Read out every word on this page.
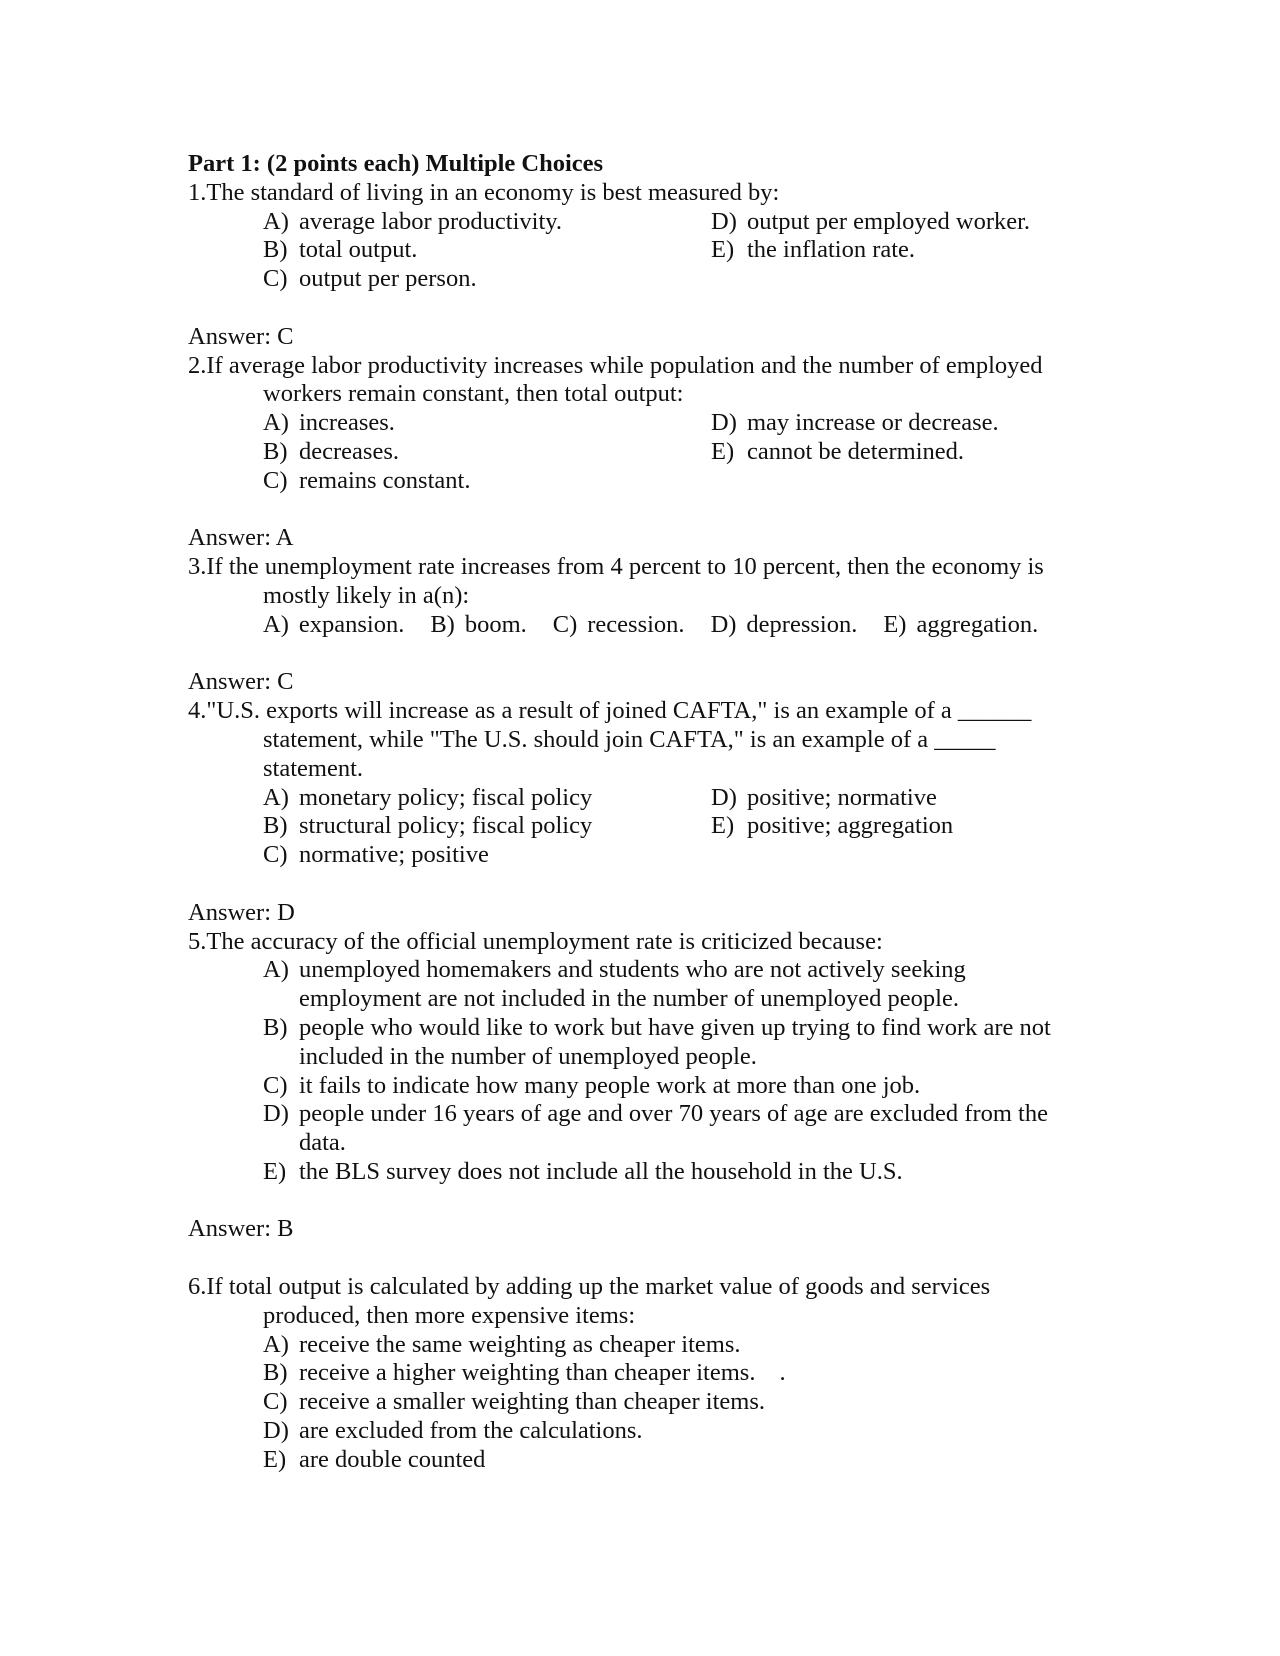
Part 1: (2 points each) Multiple Choices
1.The standard of living in an economy is best measured by:
A) average labor productivity.	D) output per employed worker.
B) total output.	E) the inflation rate.
C) output per person.
Answer: C
2.If average labor productivity increases while population and the number of employed
workers remain constant, then total output:
A) increases.	D) may increase or decrease.
B) decreases.	E) cannot be determined.
C) remains constant.
Answer: A
3.If the unemployment rate increases from 4 percent to 10 percent, then the economy is
mostly likely in a(n):
A) expansion. B) boom. C) recession. D) depression. E) aggregation.
Answer: C
4."U.S. exports will increase as a result of joined CAFTA," is an example of a ______
statement, while "The U.S. should join CAFTA," is an example of a _____
statement.
A) monetary policy; fiscal policy	D) positive; normative
B) structural policy; fiscal policy	E) positive; aggregation
C) normative; positive
Answer: D
5.The accuracy of the official unemployment rate is criticized because:
A) unemployed homemakers and students who are not actively seeking employment are not included in the number of unemployed people.
B) people who would like to work but have given up trying to find work are not included in the number of unemployed people.
C) it fails to indicate how many people work at more than one job.
D) people under 16 years of age and over 70 years of age are excluded from the data.
E) the BLS survey does not include all the household in the U.S.
Answer: B
6.If total output is calculated by adding up the market value of goods and services
produced, then more expensive items:
A) receive the same weighting as cheaper items.
B) receive a higher weighting than cheaper items. .
C) receive a smaller weighting than cheaper items.
D) are excluded from the calculations.
E) are double counted
